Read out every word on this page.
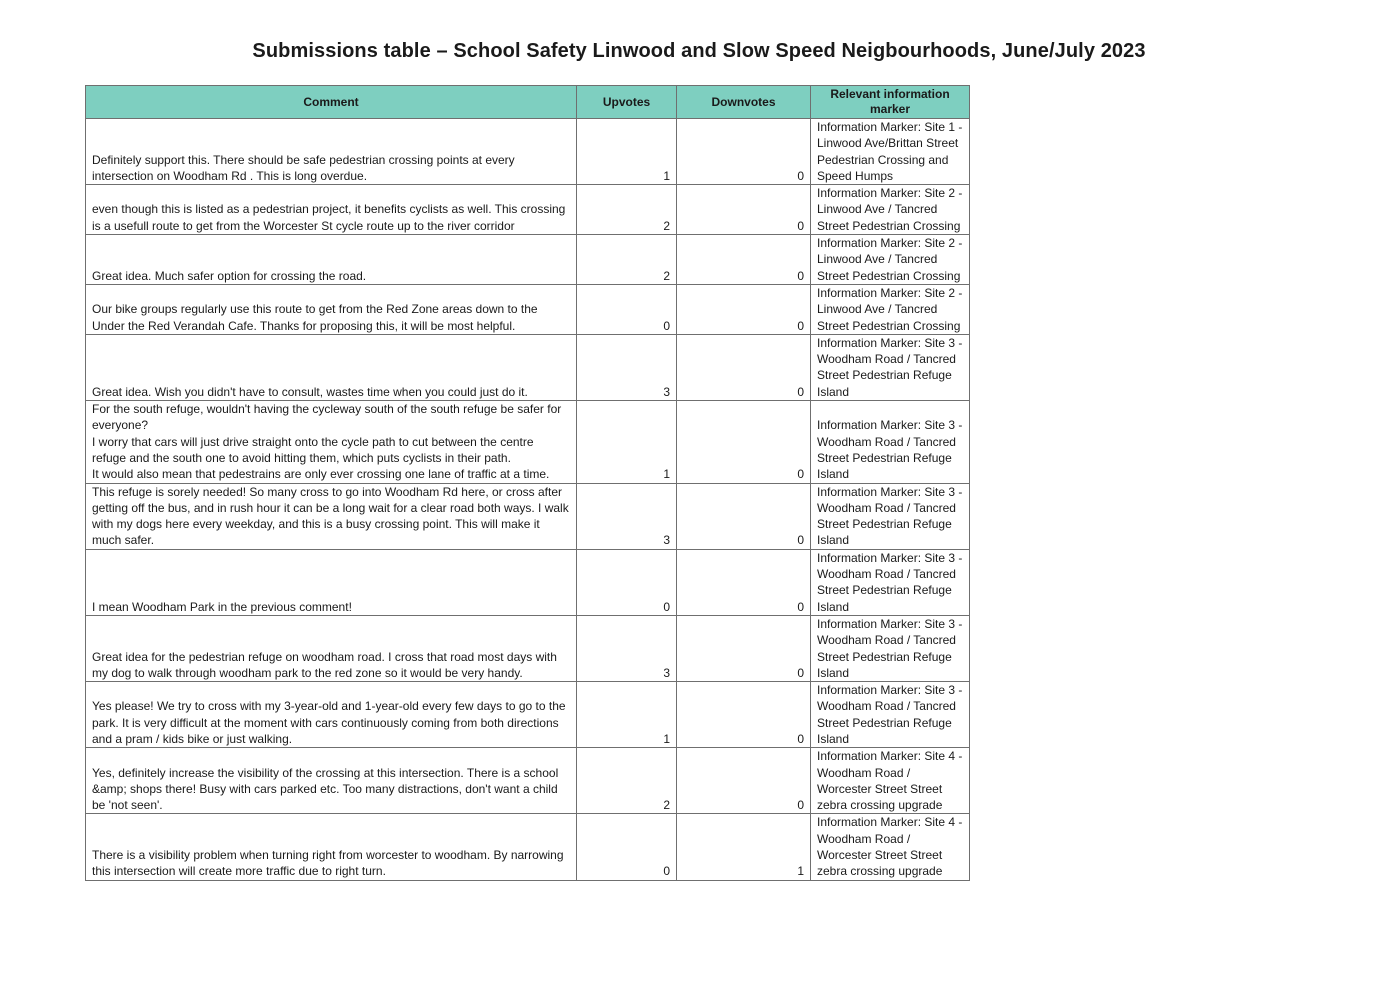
Submissions table – School Safety Linwood and Slow Speed Neigbourhoods, June/July 2023
Comment	Upvotes	Downvotes	Relevant information marker
Definitely support this. There should be safe pedestrian crossing points at every intersection on Woodham Rd . This is long overdue.	1	0	Information Marker: Site 1 - Linwood Ave/Brittan Street Pedestrian Crossing and Speed Humps
even though this is listed as a pedestrian project, it benefits cyclists as well. This crossing is a usefull route to get from the Worcester St cycle route up to the river corridor	2	0	Information Marker: Site 2 - Linwood Ave / Tancred Street Pedestrian Crossing
Great idea. Much safer option for crossing the road.	2	0	Information Marker: Site 2 - Linwood Ave / Tancred Street Pedestrian Crossing
Our bike groups regularly use this route to get from the Red Zone areas down to the Under the Red Verandah Cafe. Thanks for proposing this, it will be most helpful.	0	0	Information Marker: Site 2 - Linwood Ave / Tancred Street Pedestrian Crossing
Great idea. Wish you didn't have to consult, wastes time when you could just do it.	3	0	Information Marker: Site 3 - Woodham Road / Tancred Street Pedestrian Refuge Island
For the south refuge, wouldn't having the cycleway south of the south refuge be safer for everyone?
I worry that cars will just drive straight onto the cycle path to cut between the centre refuge and the south one to avoid hitting them, which puts cyclists in their path.
It would also mean that pedestrains are only ever crossing one lane of traffic at a time.	1	0	Information Marker: Site 3 - Woodham Road / Tancred Street Pedestrian Refuge Island
This refuge is sorely needed! So many cross to go into Woodham Rd here, or cross after getting off the bus, and in rush hour it can be a long wait for a clear road both ways. I walk with my dogs here every weekday, and this is a busy crossing point. This will make it much safer.	3	0	Information Marker: Site 3 - Woodham Road / Tancred Street Pedestrian Refuge Island
I mean Woodham Park in the previous comment!	0	0	Information Marker: Site 3 - Woodham Road / Tancred Street Pedestrian Refuge Island
Great idea for the pedestrian refuge on woodham road. I cross that road most days with my dog to walk through woodham park to the red zone so it would be very handy.	3	0	Information Marker: Site 3 - Woodham Road / Tancred Street Pedestrian Refuge Island
Yes please! We try to cross with my 3-year-old and 1-year-old every few days to go to the park. It is very difficult at the moment with cars continuously coming from both directions and a pram / kids bike or just walking.	1	0	Information Marker: Site 3 - Woodham Road / Tancred Street Pedestrian Refuge Island
Yes, definitely increase the visibility of the crossing at this intersection. There is a school &amp; shops there! Busy with cars parked etc. Too many distractions, don't want a child be 'not seen'.	2	0	Information Marker: Site 4 - Woodham Road / Worcester Street Street zebra crossing upgrade
There is a visibility problem when turning right from worcester to woodham. By narrowing this intersection will create more traffic due to right turn.	0	1	Information Marker: Site 4 - Woodham Road / Worcester Street Street zebra crossing upgrade
